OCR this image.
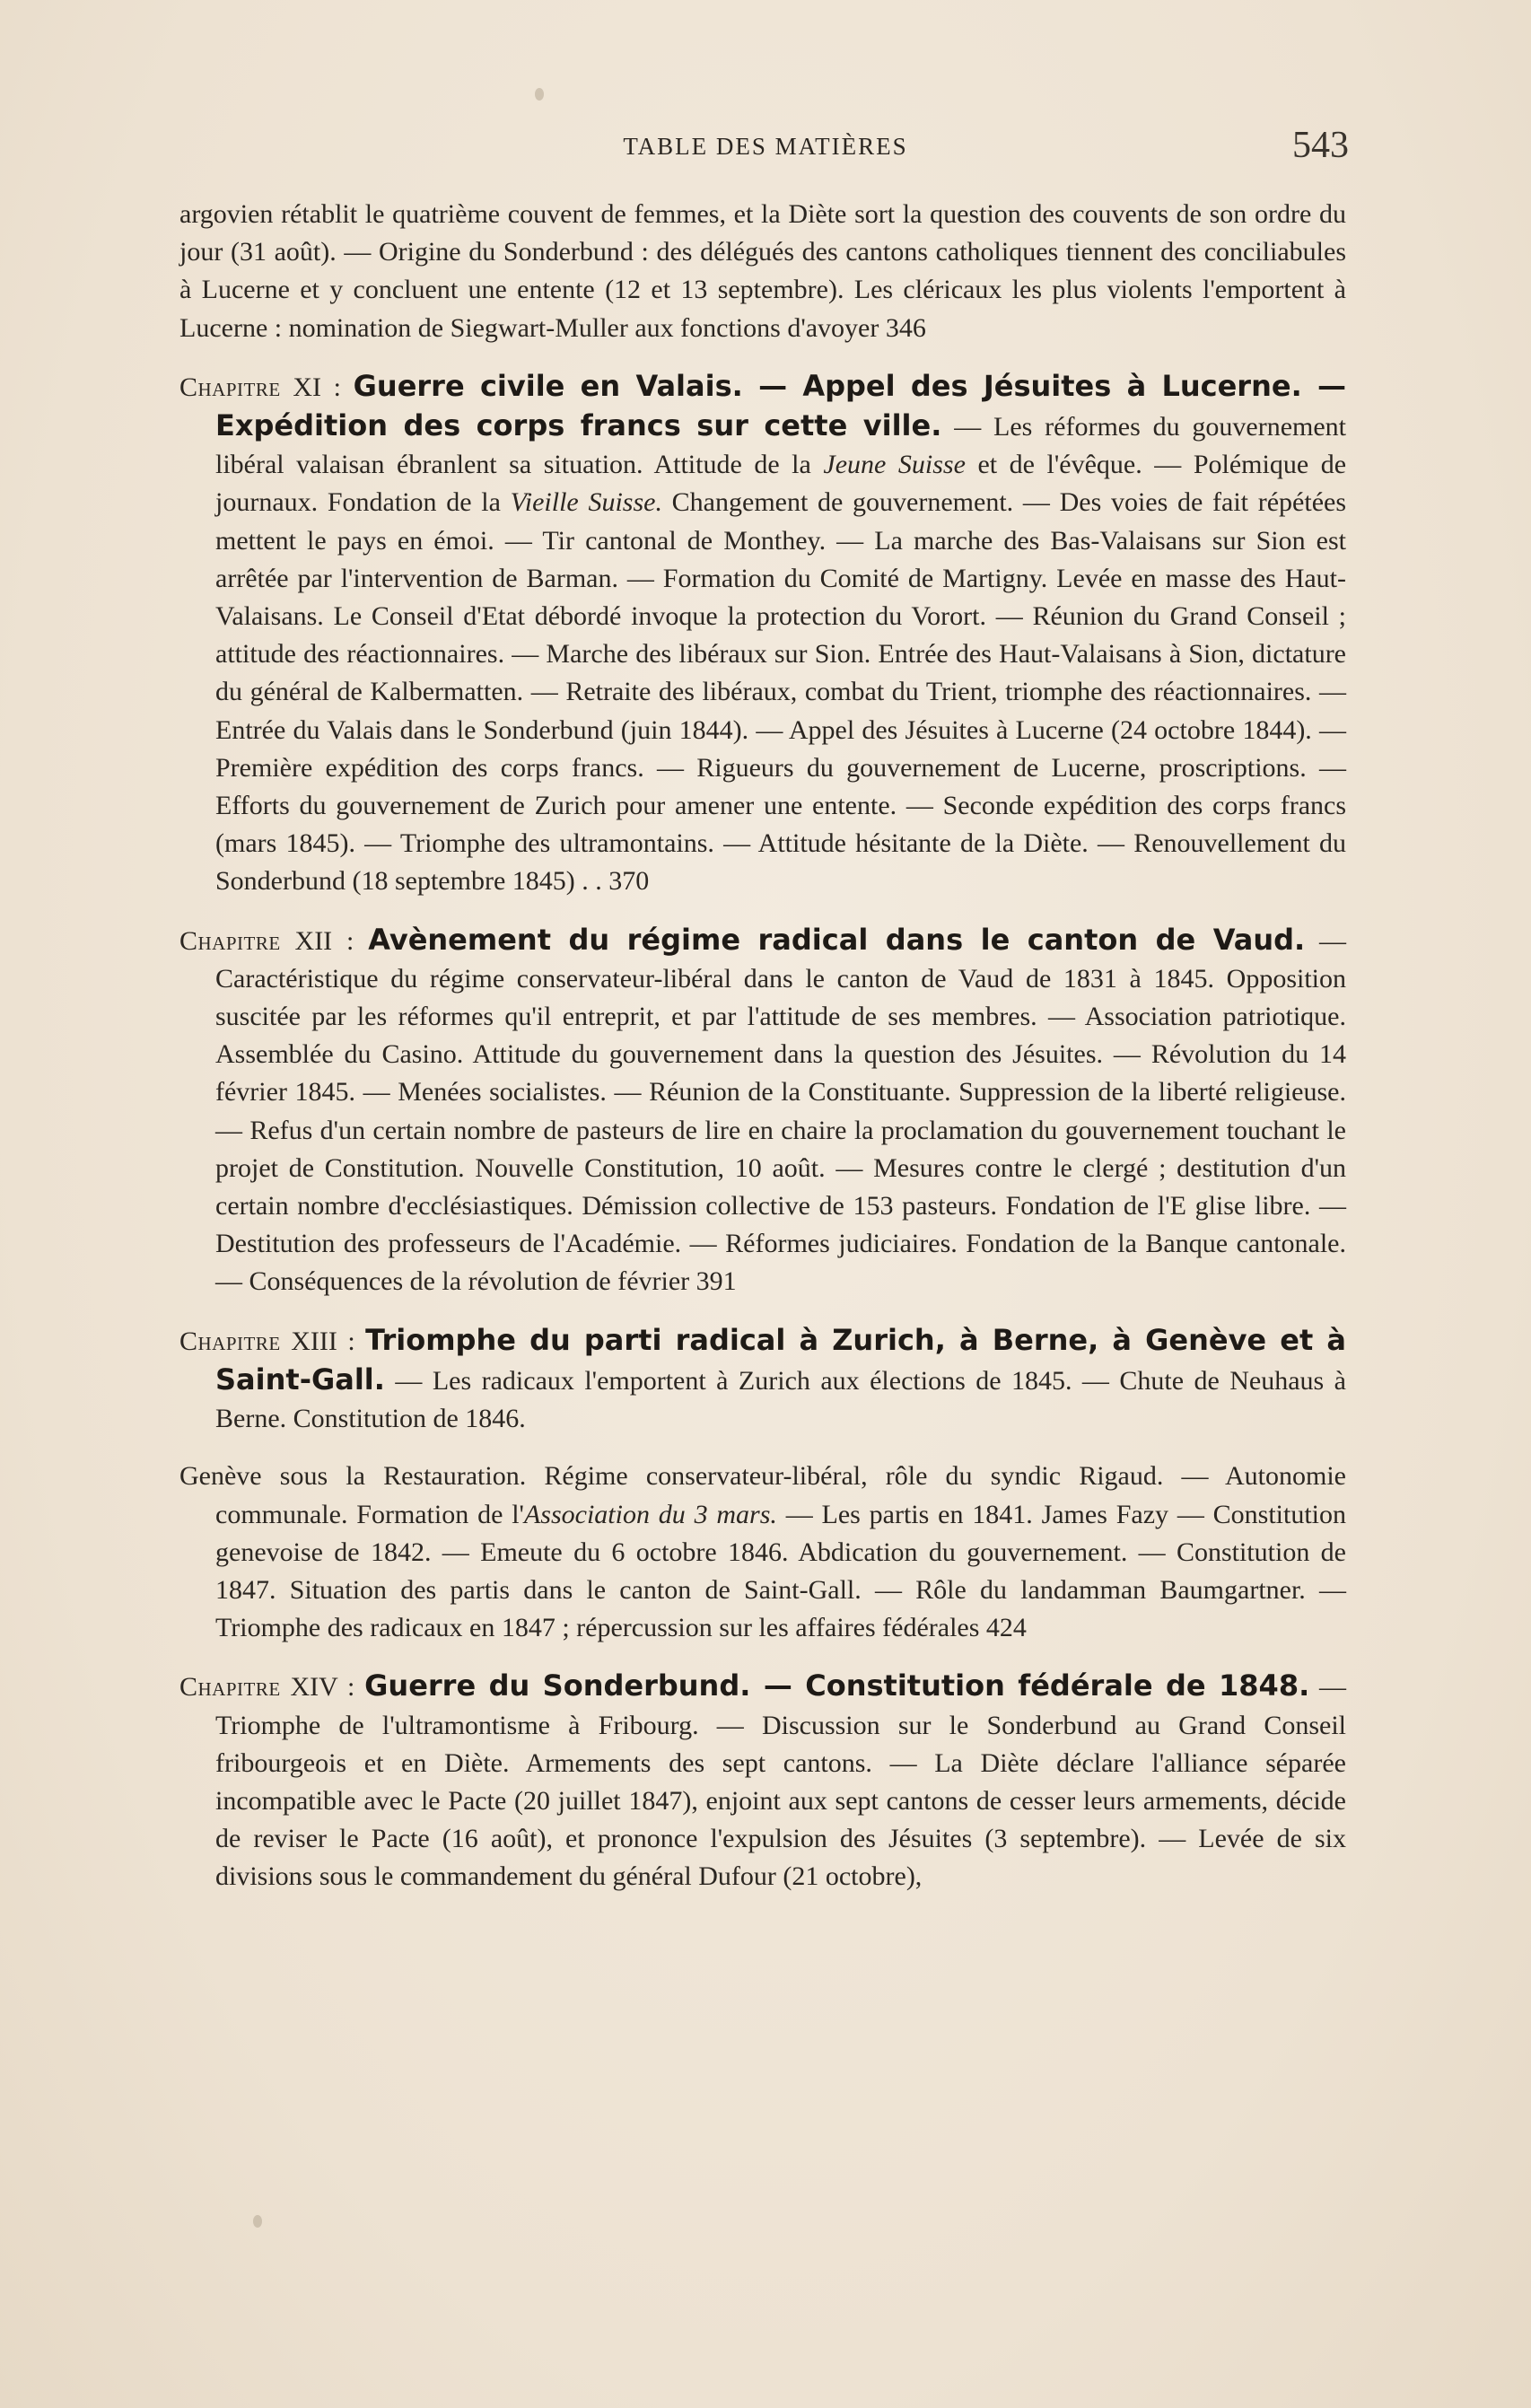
TABLE DES MATIÈRES	543

argovien rétablit le quatrième couvent de femmes, et la Diète sort la question des couvents de son ordre du jour (31 août). — Origine du Sonderbund : des délégués des cantons catholiques tiennent des conciliabules à Lucerne et y concluent une entente (12 et 13 septembre). Les cléricaux les plus violents l'emportent à Lucerne : nomination de Siegwart-Muller aux fonctions d'avoyer 346

Chapitre XI : Guerre civile en Valais. — Appel des Jésuites à Lucerne. — Expédition des corps francs sur cette ville. — Les réformes du gouvernement libéral valaisan ébranlent sa situation. Attitude de la Jeune Suisse et de l'évêque. — Polémique de journaux. Fondation de la Vieille Suisse. Changement de gouvernement. — Des voies de fait répétées mettent le pays en émoi. — Tir cantonal de Monthey. — La marche des Bas-Valaisans sur Sion est arrêtée par l'intervention de Barman. — Formation du Comité de Martigny. Levée en masse des Haut-Valaisans. Le Conseil d'Etat débordé invoque la protection du Vorort. — Réunion du Grand Conseil ; attitude des réactionnaires. — Marche des libéraux sur Sion. Entrée des Haut-Valaisans à Sion, dictature du général de Kalbermatten. — Retraite des libéraux, combat du Trient, triomphe des réactionnaires. — Entrée du Valais dans le Sonderbund (juin 1844). — Appel des Jésuites à Lucerne (24 octobre 1844). — Première expédition des corps francs. — Rigueurs du gouvernement de Lucerne, proscriptions. — Efforts du gouvernement de Zurich pour amener une entente. — Seconde expédition des corps francs (mars 1845). — Triomphe des ultramontains. — Attitude hésitante de la Diète. — Renouvellement du Sonderbund (18 septembre 1845) . . 370

Chapitre XII : Avènement du régime radical dans le canton de Vaud. — Caractéristique du régime conservateur-libéral dans le canton de Vaud de 1831 à 1845. Opposition suscitée par les réformes qu'il entreprit, et par l'attitude de ses membres. — Association patriotique. Assemblée du Casino. Attitude du gouvernement dans la question des Jésuites. — Révolution du 14 février 1845. — Menées socialistes. — Réunion de la Constituante. Suppression de la liberté religieuse. — Refus d'un certain nombre de pasteurs de lire en chaire la proclamation du gouvernement touchant le projet de Constitution. Nouvelle Constitution, 10 août. — Mesures contre le clergé ; destitution d'un certain nombre d'ecclésiastiques. Démission collective de 153 pasteurs. Fondation de l'E glise libre. — Destitution des professeurs de l'Académie. — Réformes judiciaires. Fondation de la Banque cantonale. — Conséquences de la révolution de février 391

Chapitre XIII : Triomphe du parti radical à Zurich, à Berne, à Genève et à Saint-Gall. — Les radicaux l'emportent à Zurich aux élections de 1845. — Chute de Neuhaus à Berne. Constitution de 1846.

Genève sous la Restauration. Régime conservateur-libéral, rôle du syndic Rigaud. — Autonomie communale. Formation de l'Association du 3 mars. — Les partis en 1841. James Fazy — Constitution genevoise de 1842. — Emeute du 6 octobre 1846. Abdication du gouvernement. — Constitution de 1847. Situation des partis dans le canton de Saint-Gall. — Rôle du landamman Baumgartner. — Triomphe des radicaux en 1847 ; répercussion sur les affaires fédérales 424

Chapitre XIV : Guerre du Sonderbund. — Constitution fédérale de 1848. — Triomphe de l'ultramontisme à Fribourg. — Discussion sur le Sonderbund au Grand Conseil fribourgeois et en Diète. Armements des sept cantons. — La Diète déclare l'alliance séparée incompatible avec le Pacte (20 juillet 1847), enjoint aux sept cantons de cesser leurs armements, décide de reviser le Pacte (16 août), et prononce l'expulsion des Jésuites (3 septembre). — Levée de six divisions sous le commandement du général Dufour (21 octobre),
